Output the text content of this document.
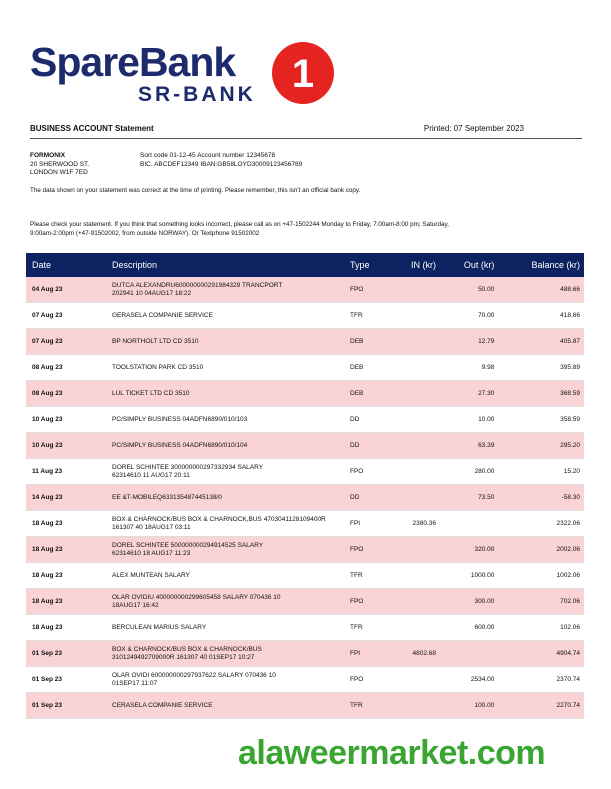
SpareBank
SR-BANK 1
BUSINESS ACCOUNT Statement	Printed: 07 September 2023
FORMONIX
20 SHERWOOD ST.
LONDON W1F 7ED
Sort code 01-12-45 Account number 12345678
BIC. ABCDEF12349 IBAN:GB58LOYD30009123456789
The data shown on your statement was correct at the time of printing. Please remember, this isn't an official bank copy.
Please check your statement. If you think that something looks incorrect, please call as on +47-1502244 Monday to Friday, 7:00am-8:00 pm; Saturday, 9:00am-2:00pm (+47-91502002, from outside NORWAY). Or Textphone 91502002
Date	Description	Type	IN (kr)	Out (kr)	Balance (kr)
04 Aug 23	DUTCA ALEXANDRU600000000291984329 TRANCPORT
202941 10 04AUG17 18:22	FPO		50.00	488.66
07 Aug 23	GERASELA COMPANIE SERVICE	TFR		70.00	418.66
07 Aug 23	BP NORTHOLT LTD CD 3510	DEB		12.79	405.87
08 Aug 23	TOOLSTATION PARK CD 3510	DEB		9.98	395.89
08 Aug 23	LUL TICKET LTD CD 3510	DEB		27.30	368.59
10 Aug 23	PC/SIMPLY BUSINESS 04ADFN6890/010/103	DD		10.00	358.59
10 Aug 23	PC/SIMPLY BUSINESS 04ADFN6890/010/104	DD		63.39	295.20
11 Aug 23	DOREL SCHINTEE 300000000297332934 SALARY
62314610 11 AUG17 20:11	FPO		280.00	15.20
14 Aug 23	EE &T-MOBILEQ633135487445138/0	DD		73.50	-58.30
18 Aug 23	BOX & CHARNOCK/BUS BOX & CHARNOCK,BUS 4703041128109400R
161307 40 18AUG17 03:11	FPI	2380.36		2322.06
18 Aug 23	DOREL SCHINTEE 500000000294914525 SALARY
62314610 18 AUG17 11:23	FPO		320.00	2002.06
18 Aug 23	ALEX MUNTEAN SALARY	TFR		1000.00	1002.06
18 Aug 23	OLAR OVIDIU 400000000299605458 SALARY 070436 10
18AUG17 16:42	FPO		300.00	702.06
18 Aug 23	BERCULEAN MARIUS SALARY	TFR		600.00	102.06
01 Sep 23	BOX & CHARNOCK/BUS BOX & CHARNOCK/BUS
3101249492709000R 161307 40 01SEP17 10:27	FPI	4802.68		4904.74
01 Sep 23	OLAR OVIDI 600000000297937622 SALARY 070436 10
01SEP17 11:07	FPO		2534.00	2370.74
01 Sep 23	CERASELA COMPANIE SERVICE	TFR		100.00	2270.74
alaweermarket.com
